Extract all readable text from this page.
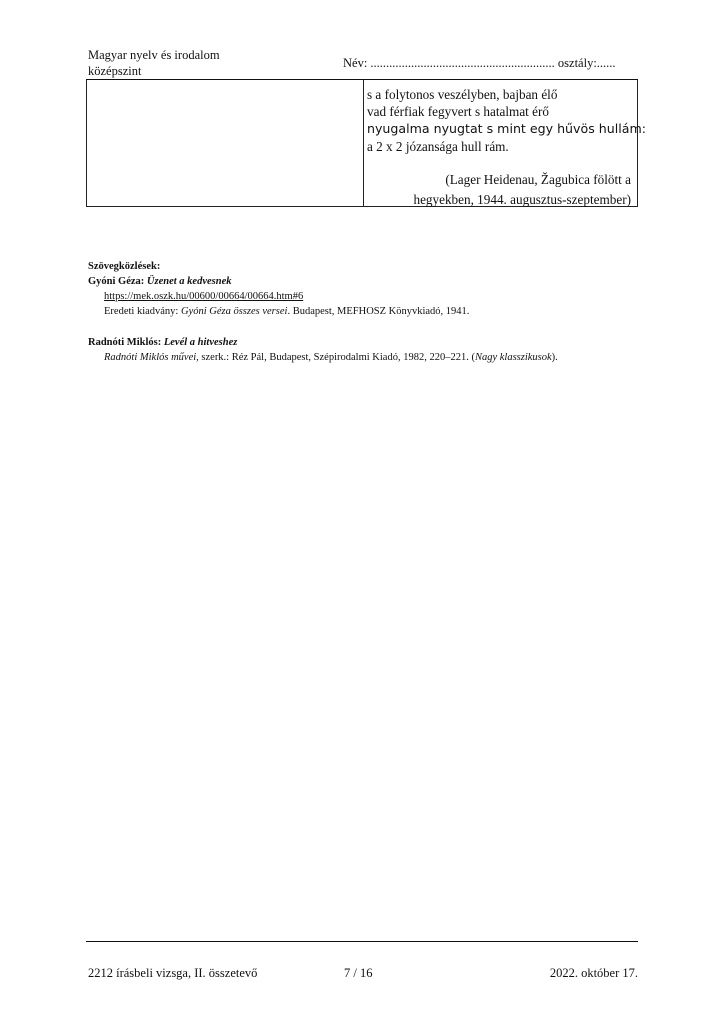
Magyar nyelv és irodalom
középszint
Név: ........................................................... osztály:......
s a folytonos veszélyben, bajban élő
vad férfiak fegyvert s hatalmat érő
nyugalma nyugtat s mint egy hűvös hullám:
a 2 x 2 józansága hull rám.
(Lager Heidenau, Žagubica fölött a
hegyekben, 1944. augusztus-szeptember)
Szövegközlések:
Gyóni Géza: Üzenet a kedvesnek
https://mek.oszk.hu/00600/00664/00664.htm#6
Eredeti kiadvány: Gyóni Géza összes versei. Budapest, MEFHOSZ Könyvkiadó, 1941.
Radnóti Miklós: Levél a hitveshez
Radnóti Miklós művei, szerk.: Réz Pál, Budapest, Szépirodalmi Kiadó, 1982, 220–221. (Nagy klasszikusok).
2212 írásbeli vizsga, II. összetevő	7 / 16	2022. október 17.
